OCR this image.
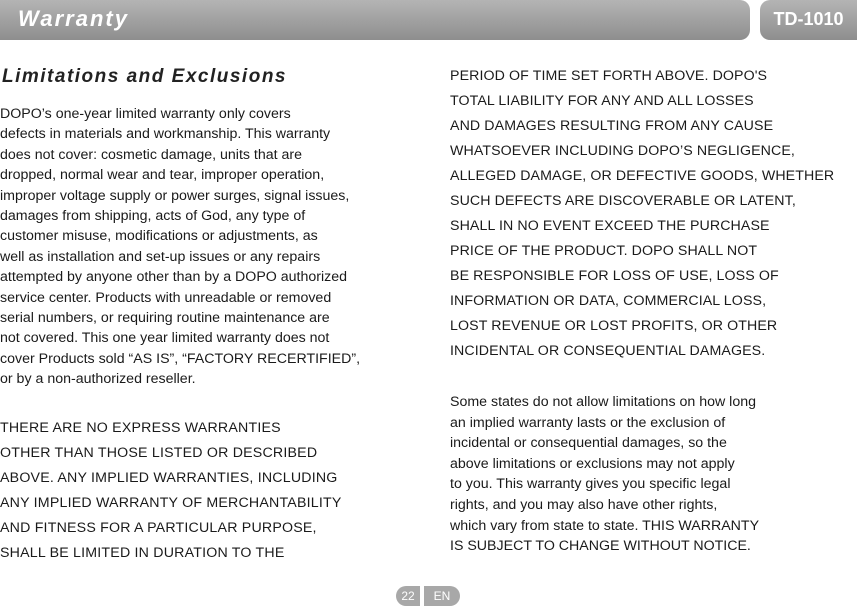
Warranty	TD-1010
Limitations and Exclusions

DOPO’s one-year limited warranty only covers
defects in materials and workmanship. This warranty
does not cover: cosmetic damage, units that are
dropped, normal wear and tear, improper operation,
improper voltage supply or power surges, signal issues,
damages from shipping, acts of God, any type of
customer misuse, modifications or adjustments, as
well as installation and set-up issues or any repairs
attempted by anyone other than by a DOPO authorized
service center. Products with unreadable or removed
serial numbers, or requiring routine maintenance are
not covered. This one year limited warranty does not
cover Products sold “AS IS”, “FACTORY RECERTIFIED”,
or by a non-authorized reseller.

THERE ARE NO EXPRESS WARRANTIES
OTHER THAN THOSE LISTED OR DESCRIBED
ABOVE. ANY IMPLIED WARRANTIES, INCLUDING
ANY IMPLIED WARRANTY OF MERCHANTABILITY
AND FITNESS FOR A PARTICULAR PURPOSE,
SHALL BE LIMITED IN DURATION TO THE

PERIOD OF TIME SET FORTH ABOVE. DOPO'S
TOTAL LIABILITY FOR ANY AND ALL LOSSES
AND DAMAGES RESULTING FROM ANY CAUSE
WHATSOEVER INCLUDING DOPO’S NEGLIGENCE,
ALLEGED DAMAGE, OR DEFECTIVE GOODS, WHETHER
SUCH DEFECTS ARE DISCOVERABLE OR LATENT,
SHALL IN NO EVENT EXCEED THE PURCHASE
PRICE OF THE PRODUCT. DOPO SHALL NOT
BE RESPONSIBLE FOR LOSS OF USE, LOSS OF
INFORMATION OR DATA, COMMERCIAL LOSS,
LOST REVENUE OR LOST PROFITS, OR OTHER
INCIDENTAL OR CONSEQUENTIAL DAMAGES.

Some states do not allow limitations on how long
an implied warranty lasts or the exclusion of
incidental or consequential damages, so the
above limitations or exclusions may not apply
to you. This warranty gives you specific legal
rights, and you may also have other rights,
which vary from state to state. THIS WARRANTY
IS SUBJECT TO CHANGE WITHOUT NOTICE.

22	EN
